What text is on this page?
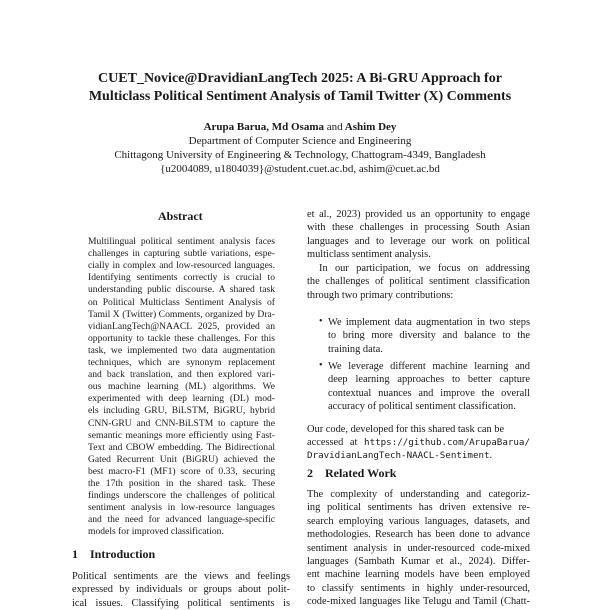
CUET_Novice@DravidianLangTech 2025: A Bi-GRU Approach for
Multiclass Political Sentiment Analysis of Tamil Twitter (X) Comments
Arupa Barua, Md Osama and Ashim Dey
Department of Computer Science and Engineering
Chittagong University of Engineering & Technology, Chattogram-4349, Bangladesh
{u2004089, u1804039}@student.cuet.ac.bd, ashim@cuet.ac.bd
Abstract
Multilingual political sentiment analysis faces
challenges in capturing subtle variations, espe-
cially in complex and low-resourced languages.
Identifying sentiments correctly is crucial to
understanding public discourse. A shared task
on Political Multiclass Sentiment Analysis of
Tamil X (Twitter) Comments, organized by Dra-
vidianLangTech@NAACL 2025, provided an
opportunity to tackle these challenges. For this
task, we implemented two data augmentation
techniques, which are synonym replacement
and back translation, and then explored vari-
ous machine learning (ML) algorithms. We
experimented with deep learning (DL) mod-
els including GRU, BiLSTM, BiGRU, hybrid
CNN-GRU and CNN-BiLSTM to capture the
semantic meanings more efficiently using Fast-
Text and CBOW embedding. The Bidirectional
Gated Recurrent Unit (BiGRU) achieved the
best macro-F1 (MF1) score of 0.33, securing
the 17th position in the shared task. These
findings underscore the challenges of political
sentiment analysis in low-resource languages
and the need for advanced language-specific
models for improved classification.
1 Introduction
Political sentiments are the views and feelings
expressed by individuals or groups about polit-
ical issues. Classifying political sentiments is
et al., 2023) provided us an opportunity to engage
with these challenges in processing South Asian
languages and to leverage our work on political
multiclass sentiment analysis.
In our participation, we focus on addressing
the challenges of political sentiment classification
through two primary contributions:
• We implement data augmentation in two steps
to bring more diversity and balance to the
training data.
• We leverage different machine learning and
deep learning approaches to better capture
contextual nuances and improve the overall
accuracy of political sentiment classification.
Our code, developed for this shared task can be
accessed at https://github.com/ArupaBarua/
DravidianLangTech-NAACL-Sentiment.
2 Related Work
The complexity of understanding and categoriz-
ing political sentiments has driven extensive re-
search employing various languages, datasets, and
methodologies. Research has been done to advance
sentiment analysis in under-resourced code-mixed
languages (Sambath Kumar et al., 2024). Differ-
ent machine learning models have been employed
to classify sentiments in highly under-resourced,
code-mixed languages like Telugu and Tamil (Chatt-
